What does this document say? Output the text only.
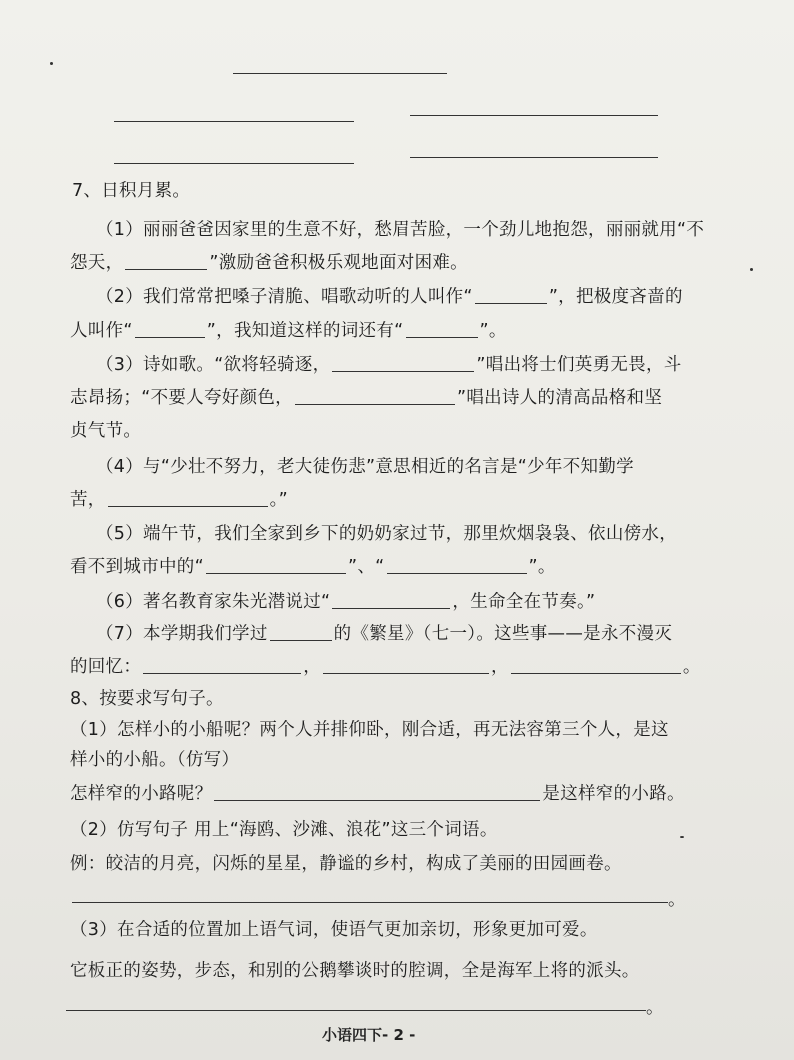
7、日积月累。
（1）丽丽爸爸因家里的生意不好，愁眉苦脸，一个劲儿地抱怨，丽丽就用“不
怨天，	”激励爸爸积极乐观地面对困难。
（2）我们常常把嗓子清脆、唱歌动听的人叫作“	”，把极度吝啬的
人叫作“	”，我知道这样的词还有“	”。
（3）诗如歌。“欲将轻骑逐，	”唱出将士们英勇无畏，斗
志昂扬；“不要人夸好颜色，	”唱出诗人的清高品格和坚
贞气节。
（4）与“少壮不努力，老大徒伤悲”意思相近的名言是“少年不知勤学
苦，	。”
（5）端午节，我们全家到乡下的奶奶家过节，那里炊烟袅袅、依山傍水，
看不到城市中的“	”、“	”。
（6）著名教育家朱光潜说过“	，生命全在节奏。”
（7）本学期我们学过	的《繁星》（七一）。这些事——是永不漫灭
的回忆：	，	，	。
8、按要求写句子。
（1）怎样小的小船呢？两个人并排仰卧，刚合适，再无法容第三个人，是这
样小的小船。（仿写）
怎样窄的小路呢？	是这样窄的小路。
（2）仿写句子 用上“海鸥、沙滩、浪花”这三个词语。
例：皎洁的月亮，闪烁的星星，静谧的乡村，构成了美丽的田园画卷。
。
（3）在合适的位置加上语气词，使语气更加亲切，形象更加可爱。
它板正的姿势，步态，和别的公鹅攀谈时的腔调，全是海军上将的派头。
。
小语四下- 2 -
